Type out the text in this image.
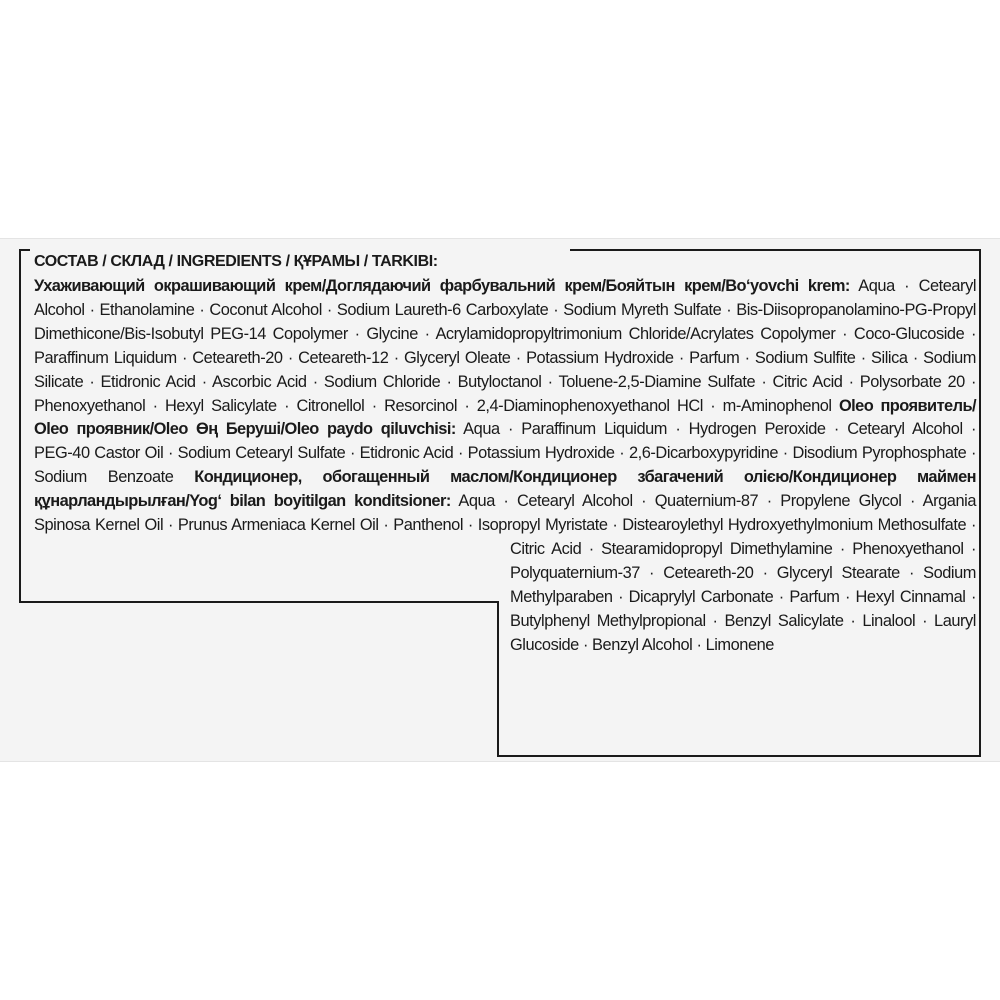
СОСТАВ / СКЛАД / INGREDIENTS / ҚҰРАМЫ / TARKIBI:
Ухаживающий окрашивающий крем/Доглядаючий фарбувальний крем/Бояйтын крем/Bo‘yovchi krem: Aqua · Cetearyl
Alcohol · Ethanolamine · Coconut Alcohol · Sodium Laureth-6 Carboxylate · Sodium Myreth Sulfate · Bis-Diisopropanolamino-PG-Propyl
Dimethicone/Bis-Isobutyl PEG-14 Copolymer · Glycine · Acrylamidopropyltrimonium Chloride/Acrylates Copolymer · Coco-Glucoside ·
Paraffinum Liquidum · Ceteareth-20 · Ceteareth-12 · Glyceryl Oleate · Potassium Hydroxide · Parfum · Sodium Sulfite · Silica · Sodium
Silicate · Etidronic Acid · Ascorbic Acid · Sodium Chloride · Butyloctanol · Toluene-2,5-Diamine Sulfate · Citric Acid · Polysorbate 20 ·
Phenoxyethanol · Hexyl Salicylate · Citronellol · Resorcinol · 2,4-Diaminophenoxyethanol HCl · m-Aminophenol Oleo проявитель/
Oleo проявник/Oleo Өң Беруші/Oleo paydo qiluvchisi: Aqua · Paraffinum Liquidum · Hydrogen Peroxide · Cetearyl Alcohol ·
PEG-40 Castor Oil · Sodium Cetearyl Sulfate · Etidronic Acid · Potassium Hydroxide · 2,6-Dicarboxypyridine · Disodium Pyrophosphate ·
Sodium Benzoate Кондиционер, обогащенный маслом/Кондиционер збагачений олією/Кондиционер маймен
құнарландырылған/Yog‘ bilan boyitilgan konditsioner: Aqua · Cetearyl Alcohol · Quaternium-87 · Propylene Glycol · Argania
Spinosa Kernel Oil · Prunus Armeniaca Kernel Oil · Panthenol · Isopropyl Myristate · Distearoylethyl Hydroxyethylmonium Methosulfate ·
Citric Acid · Stearamidopropyl Dimethylamine · Phenoxyethanol ·
Polyquaternium-37 · Ceteareth-20 · Glyceryl Stearate · Sodium
Methylparaben · Dicaprylyl Carbonate · Parfum · Hexyl Cinnamal ·
Butylphenyl Methylpropional · Benzyl Salicylate · Linalool · Lauryl
Glucoside · Benzyl Alcohol · Limonene
